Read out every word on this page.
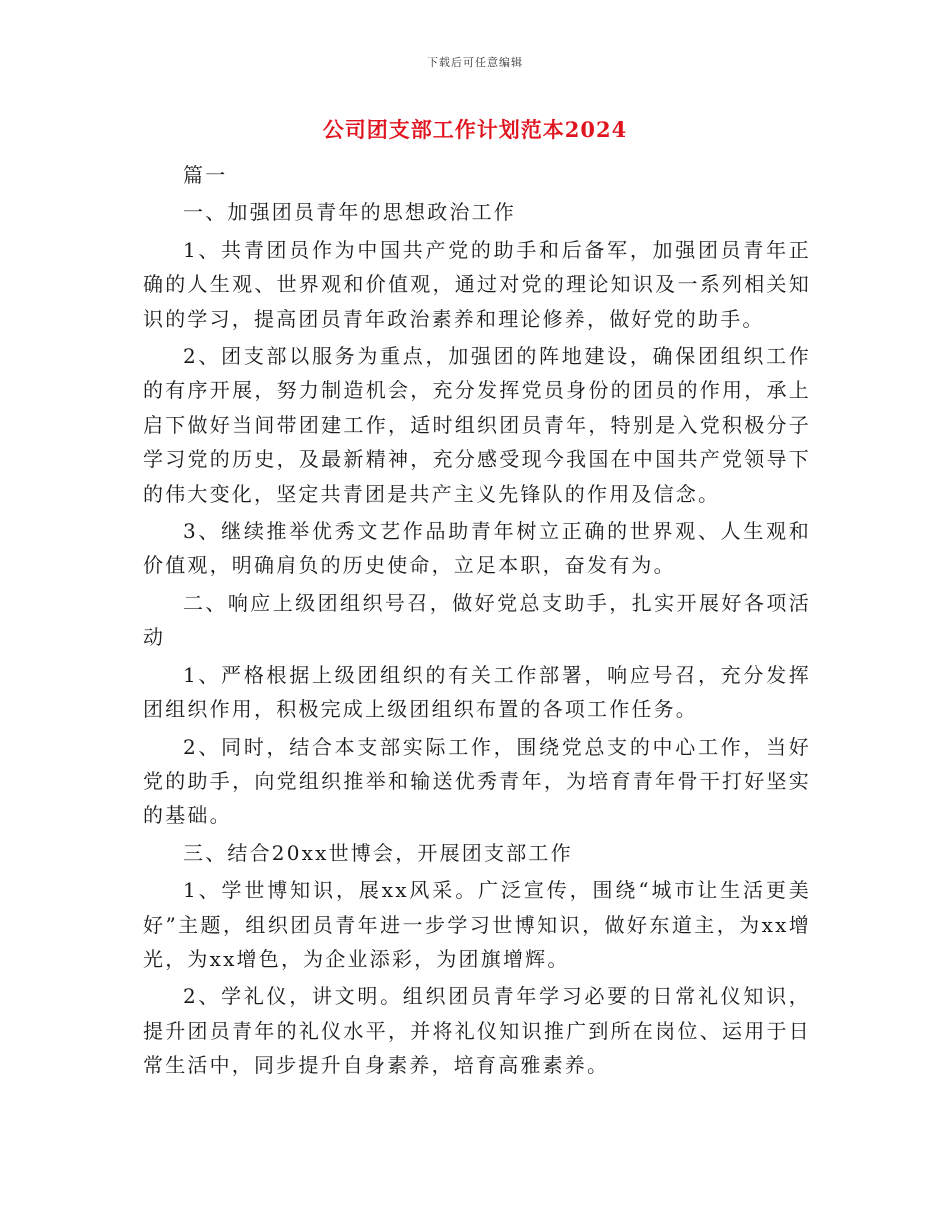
下载后可任意编辑
公司团支部工作计划范本2024

篇一

一、加强团员青年的思想政治工作

1、共青团员作为中国共产党的助手和后备军，加强团员青年正确的人生观、世界观和价值观，通过对党的理论知识及一系列相关知识的学习，提高团员青年政治素养和理论修养，做好党的助手。

2、团支部以服务为重点，加强团的阵地建设，确保团组织工作的有序开展，努力制造机会，充分发挥党员身份的团员的作用，承上启下做好当间带团建工作，适时组织团员青年，特别是入党积极分子学习党的历史，及最新精神，充分感受现今我国在中国共产党领导下的伟大变化，坚定共青团是共产主义先锋队的作用及信念。

3、继续推举优秀文艺作品助青年树立正确的世界观、人生观和价值观，明确肩负的历史使命，立足本职，奋发有为。

二、响应上级团组织号召，做好党总支助手，扎实开展好各项活动

1、严格根据上级团组织的有关工作部署，响应号召，充分发挥团组织作用，积极完成上级团组织布置的各项工作任务。

2、同时，结合本支部实际工作，围绕党总支的中心工作，当好党的助手，向党组织推举和输送优秀青年，为培育青年骨干打好坚实的基础。

三、结合20xx世博会，开展团支部工作

1、学世博知识，展xx风采。广泛宣传，围绕“城市让生活更美好”主题，组织团员青年进一步学习世博知识，做好东道主，为xx增光，为xx增色，为企业添彩，为团旗增辉。

2、学礼仪，讲文明。组织团员青年学习必要的日常礼仪知识，提升团员青年的礼仪水平，并将礼仪知识推广到所在岗位、运用于日常生活中，同步提升自身素养，培育高雅素养。
